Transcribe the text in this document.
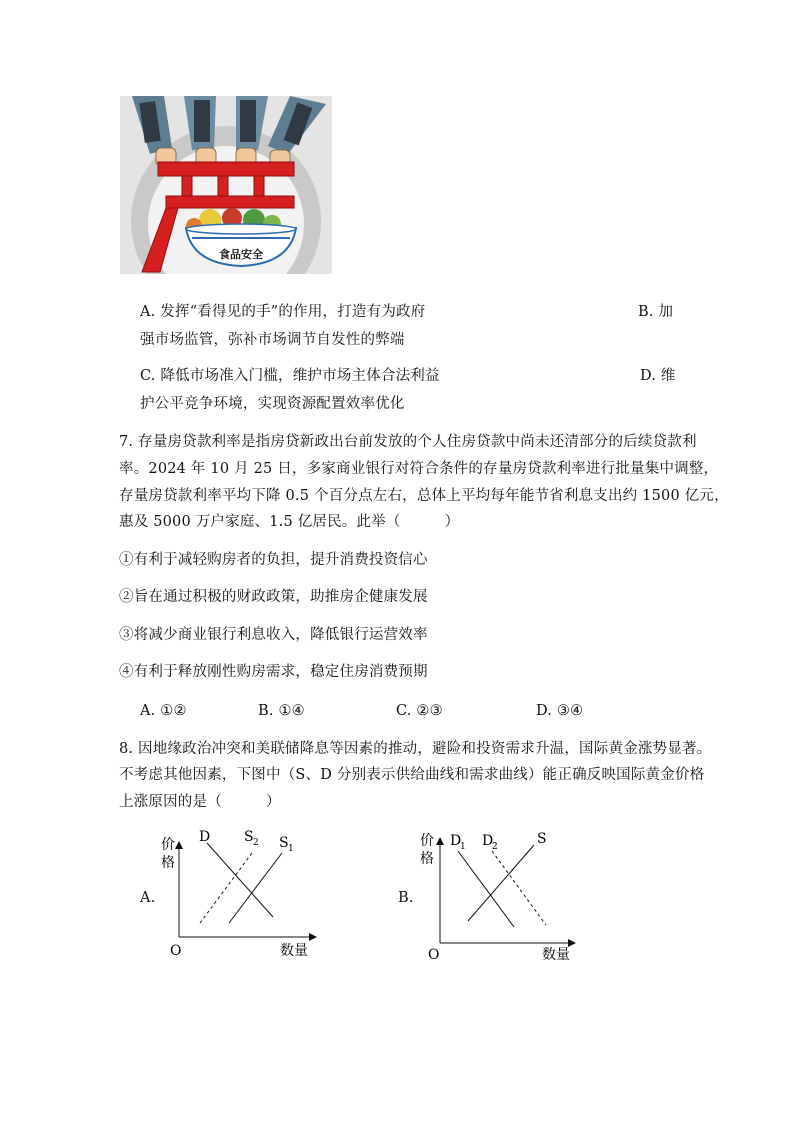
食品安全
A. 发挥“看得见的手”的作用，打造有为政府	B. 加
强市场监管，弥补市场调节自发性的弊端
C. 降低市场准入门槛，维护市场主体合法利益	D. 维
护公平竞争环境，实现资源配置效率优化
7. 存量房贷款利率是指房贷新政出台前发放的个人住房贷款中尚未还清部分的后续贷款利
率。2024 年 10 月 25 日，多家商业银行对符合条件的存量房贷款利率进行批量集中调整，
存量房贷款利率平均下降 0.5 个百分点左右，总体上平均每年能节省利息支出约 1500 亿元，
惠及 5000 万户家庭、1.5 亿居民。此举（　　　）
①有利于减轻购房者的负担，提升消费投资信心
②旨在通过积极的财政政策，助推房企健康发展
③将减少商业银行利息收入，降低银行运营效率
④有利于释放刚性购房需求，稳定住房消费预期
A. ①②	B. ①④	C. ②③	D. ③④
8. 因地缘政治冲突和美联储降息等因素的推动，避险和投资需求升温，国际黄金涨势显著。
不考虑其他因素，下图中（S、D 分别表示供给曲线和需求曲线）能正确反映国际黄金价格
上涨原因的是（　　　）
A.
价
格
O	数量
D S 2 S 1
B.
价
格
O	数量
D
1 D
2	S
